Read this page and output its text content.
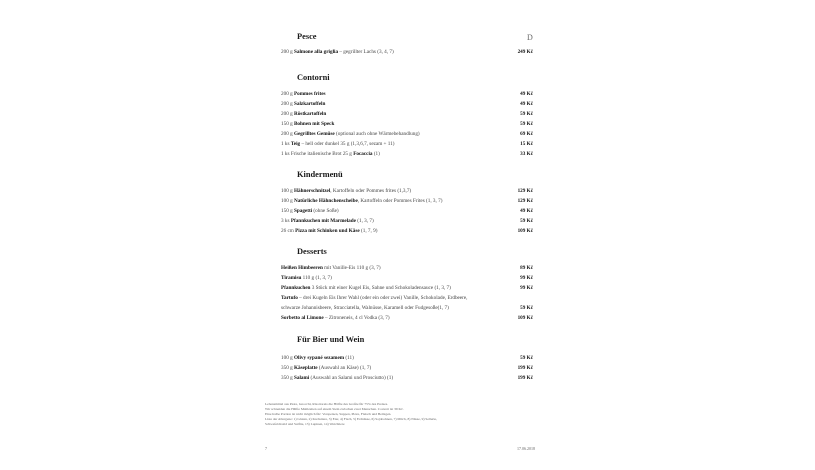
D
Pesce
200 g Salmone alla griglia – gegrillter Lachs (3, 4, 7)	249 Kč
Contorni
200 g Pommes frites	49 Kč
200 g Salzkartoffeln	49 Kč
200 g Röstkartoffeln	59 Kč
150 g Bohnen mit Speck	59 Kč
200 g Gegrilltes Gemüse (optional auch ohne Wärmebehandlung)	69 Kč
1 ks Teig – hell oder dunkel 35 g (1,3,6,7, sezam + 11)	15 Kč
1 ks Frische italienische Brot 25 g Focaccia (1)	33 Kč
Kindermenü
100 g Hähnerschnitzel, Kartoffeln oder Pommes frites (1,3,7)	129 Kč
100 g Natürliche Hähnchenscheibe, Kartoffeln oder Pommes Frites (1, 3, 7)	129 Kč
150 g Spagetti (ohne Soße)	49 Kč
3 ks Pfannkuchen mit Marmelade (1, 3, 7)	59 Kč
26 cm Pizza mit Schinken und Käse (1, 7, 9)	109 Kč
Desserts
Heißen Himbeeren mit Vanille-Eis 110 g (3, 7)	89 Kč
Tiramisu 110 g (1, 3, 7)	99 Kč
Pfannkuchen 3 Stück mit einer Kugel Eis, Sahne und Schokoladensauce (1, 3, 7)	99 Kč
Tartufo – drei Kugeln Eis Ihrer Wahl (oder ein oder zwei) Vanille, Schokolade, Erdbeere,
schwarze Johannisbeere, Stracciatella, Walnüsse, Karamell oder Fudgesoße(1, 7)	59 Kč
Sorbetto al Limone – Zitroneneis, 4 cl Vodka (3, 7)	109 Kč
Für Bier und Wein
100 g Olivy sypané sezamem (11)	59 Kč
350 g Käseplatte (Auswahl an Käse) (1, 7)	199 Kč
350 g Salami (Auswahl an Salami und Prosciutto) (1)	199 Kč
Lebensmittel aus Pasta, Gnocchi, Risottoreis die Hälfte des Großte für 75% des Preises.
Wir schneiden die Hälfte Mahlzeiten auf einem Stein zwischen zwei Menschen. Couvert ist 39 Kč.
Eine halbe Portion ist nicht möglich für: Vorspeisen, Suppen, Pizza, Fleisch und Beilagen.
Liste der Allergene: 1) Gluten, 2) Krebstiere, 3) Eier, 4) Fisch, 5) Erdnüsse, 6) Sojabohnen, 7) Milch, 8) Nüsse, 9) Sellerie,
Schwefeldioxid und Sulfite, 13) Lupinen, 14) Weichtiere
7	17.06.2018
